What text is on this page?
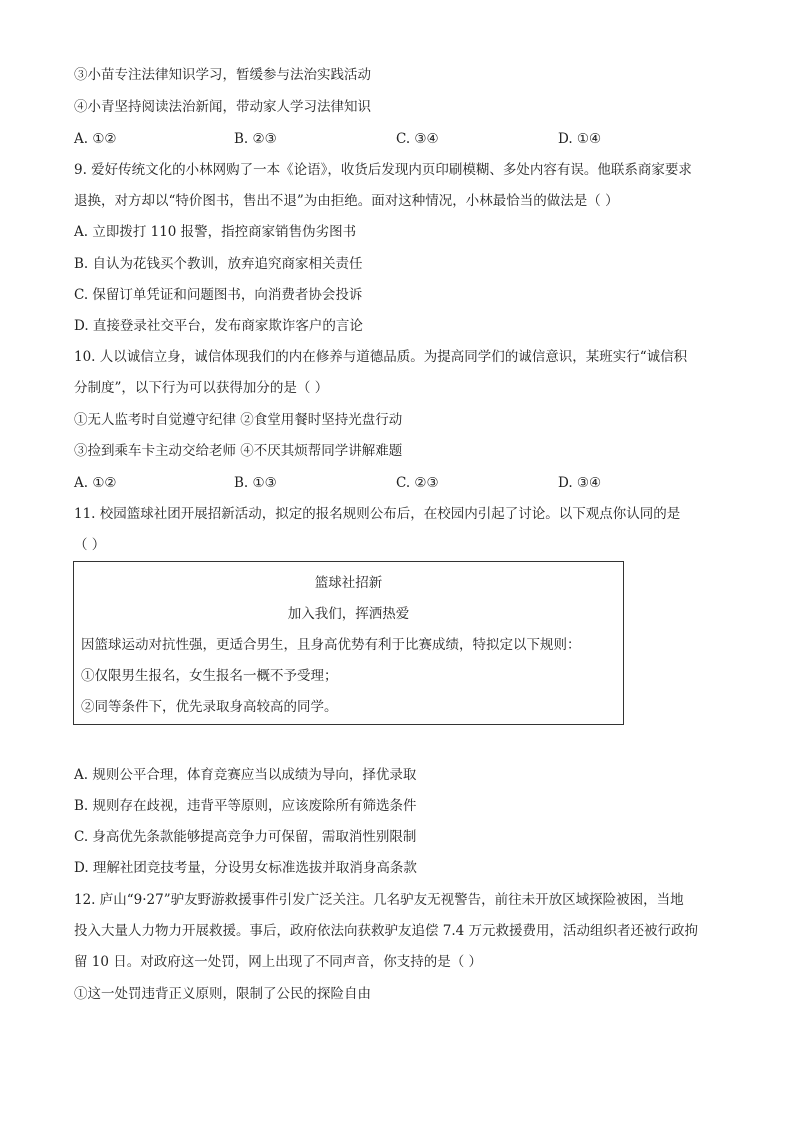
③小苗专注法律知识学习，暂缓参与法治实践活动
④小青坚持阅读法治新闻，带动家人学习法律知识
A. ①②	B. ②③	C. ③④	D. ①④
9. 爱好传统文化的小林网购了一本《论语》，收货后发现内页印刷模糊、多处内容有误。他联系商家要求
退换，对方却以“特价图书，售出不退”为由拒绝。面对这种情况，小林最恰当的做法是（ ）
A. 立即拨打 110 报警，指控商家销售伪劣图书
B. 自认为花钱买个教训，放弃追究商家相关责任
C. 保留订单凭证和问题图书，向消费者协会投诉
D. 直接登录社交平台，发布商家欺诈客户的言论
10. 人以诚信立身，诚信体现我们的内在修养与道德品质。为提高同学们的诚信意识，某班实行“诚信积
分制度”，以下行为可以获得加分的是（ ）
①无人监考时自觉遵守纪律 ②食堂用餐时坚持光盘行动
③捡到乘车卡主动交给老师 ④不厌其烦帮同学讲解难题
A. ①②	B. ①③	C. ②③	D. ③④
11. 校园篮球社团开展招新活动，拟定的报名规则公布后，在校园内引起了讨论。以下观点你认同的是
（ ）
篮球社招新
加入我们，挥洒热爱
因篮球运动对抗性强，更适合男生，且身高优势有利于比赛成绩，特拟定以下规则：
①仅限男生报名，女生报名一概不予受理；
②同等条件下，优先录取身高较高的同学。
A. 规则公平合理，体育竞赛应当以成绩为导向，择优录取
B. 规则存在歧视，违背平等原则，应该废除所有筛选条件
C. 身高优先条款能够提高竞争力可保留，需取消性别限制
D. 理解社团竞技考量，分设男女标准选拔并取消身高条款
12. 庐山“9·27”驴友野游救援事件引发广泛关注。几名驴友无视警告，前往未开放区域探险被困，当地
投入大量人力物力开展救援。事后，政府依法向获救驴友追偿 7.4 万元救援费用，活动组织者还被行政拘
留 10 日。对政府这一处罚，网上出现了不同声音，你支持的是（ ）
①这一处罚违背正义原则，限制了公民的探险自由
